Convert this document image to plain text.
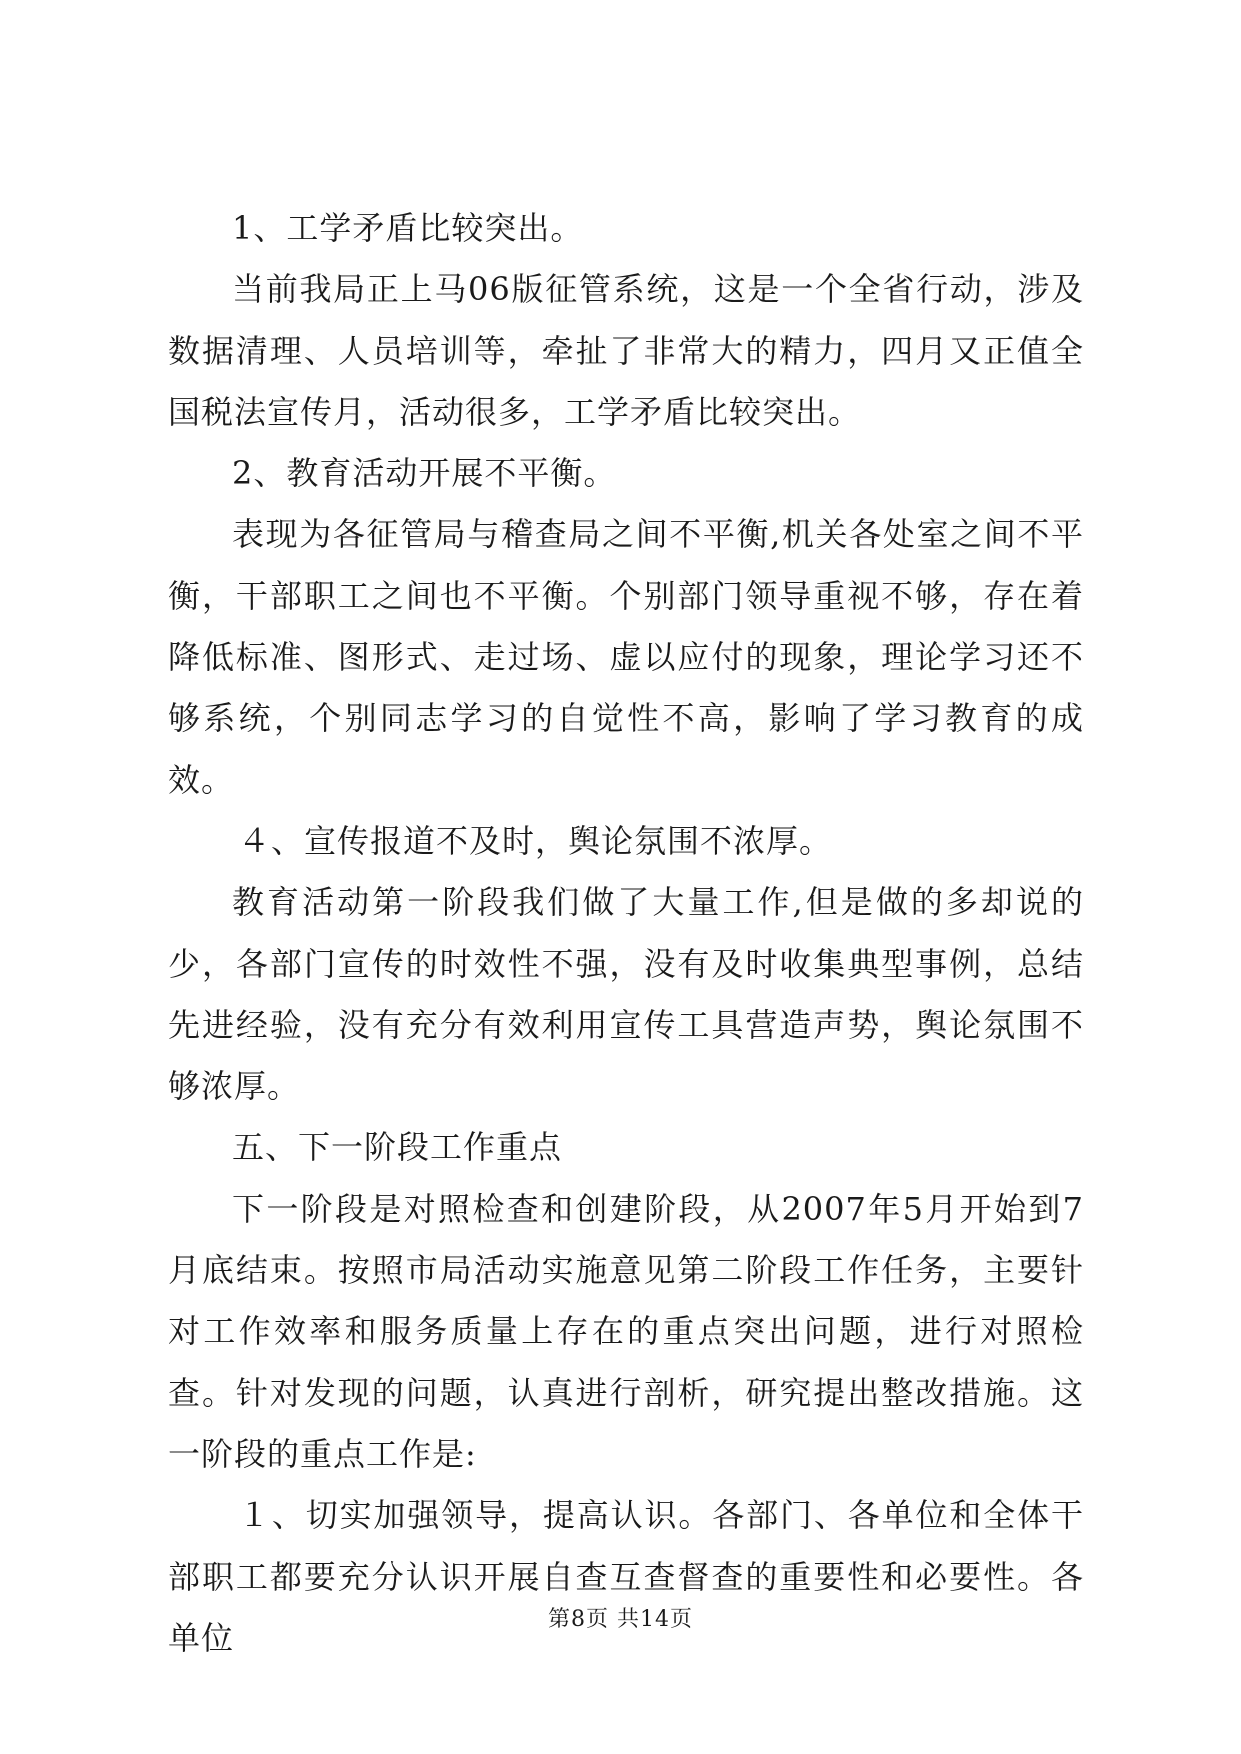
1、工学矛盾比较突出。

当前我局正上马06版征管系统，这是一个全省行动，涉及数据清理、人员培训等，牵扯了非常大的精力，四月又正值全国税法宣传月，活动很多，工学矛盾比较突出。

2、教育活动开展不平衡。

表现为各征管局与稽查局之间不平衡,机关各处室之间不平衡，干部职工之间也不平衡。个别部门领导重视不够，存在着降低标准、图形式、走过场、虚以应付的现象，理论学习还不够系统，个别同志学习的自觉性不高，影响了学习教育的成效。

４、宣传报道不及时，舆论氛围不浓厚。

教育活动第一阶段我们做了大量工作,但是做的多却说的少，各部门宣传的时效性不强，没有及时收集典型事例，总结先进经验，没有充分有效利用宣传工具营造声势，舆论氛围不够浓厚。

五、下一阶段工作重点

下一阶段是对照检查和创建阶段，从2007年5月开始到7月底结束。按照市局活动实施意见第二阶段工作任务，主要针对工作效率和服务质量上存在的重点突出问题，进行对照检查。针对发现的问题，认真进行剖析，研究提出整改措施。这一阶段的重点工作是:

１、切实加强领导，提高认识。各部门、各单位和全体干部职工都要充分认识开展自查互查督查的重要性和必要性。各单位	第8页 共14页
